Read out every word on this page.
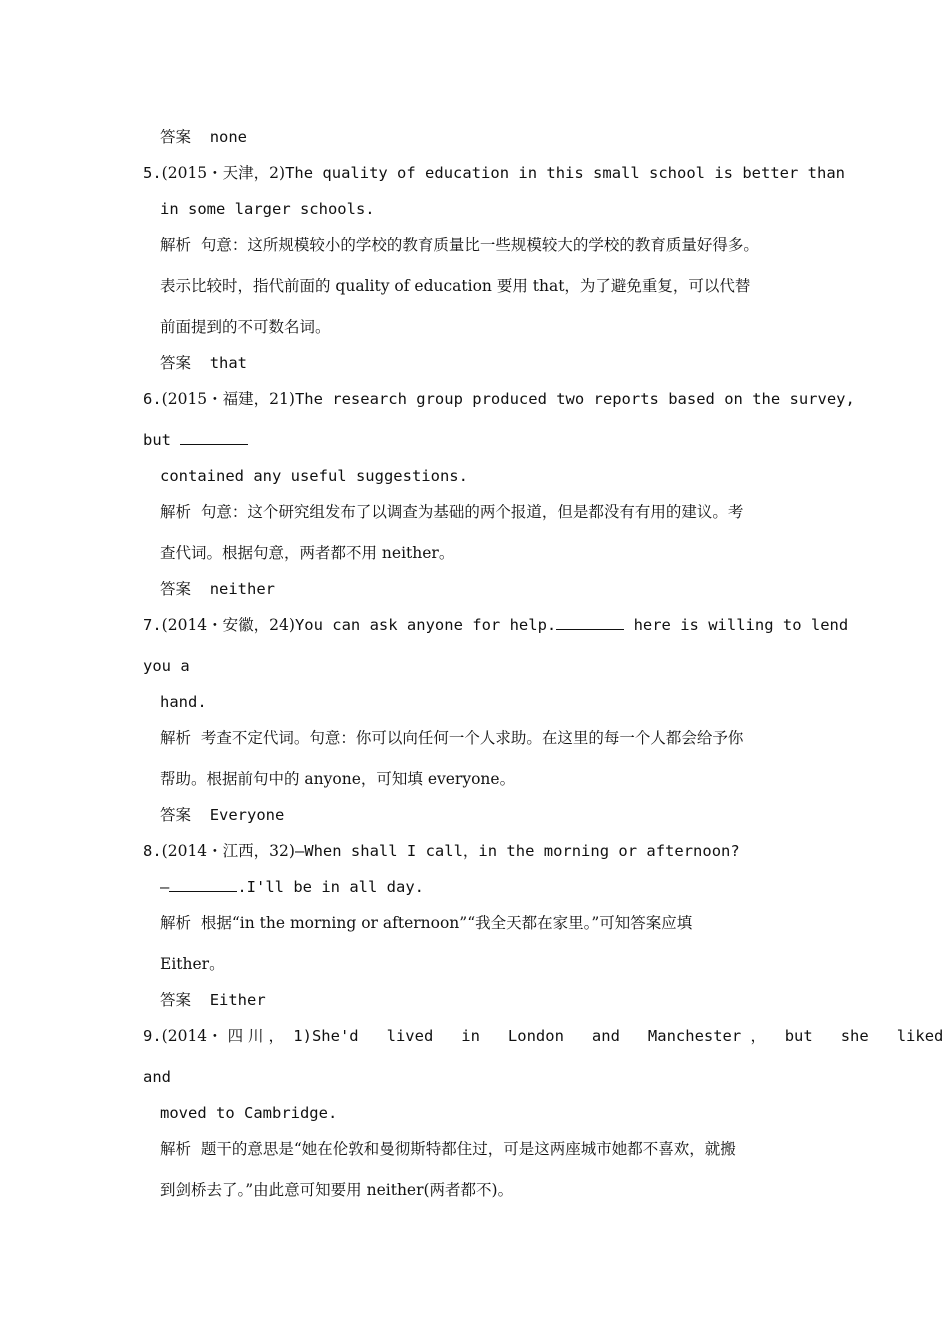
答案 none
5.(2015・天津，2)The quality of education in this small school is better than
in some larger schools.
解析 句意：这所规模较小的学校的教育质量比一些规模较大的学校的教育质量好得多。
表示比较时，指代前面的 quality of education 要用 that，为了避免重复，可以代替
前面提到的不可数名词。
答案 that
6.(2015・福建，21)The research group produced two reports based on the survey,
but
contained any useful suggestions.
解析 句意：这个研究组发布了以调查为基础的两个报道，但是都没有有用的建议。考
查代词。根据句意，两者都不用 neither。
答案 neither
7.(2014・安徽，24)You can ask anyone for help.	here is willing to lend
you a
hand.
解析 考查不定代词。句意：你可以向任何一个人求助。在这里的每一个人都会给予你
帮助。根据前句中的 anyone，可知填 everyone。
答案 Everyone
8.(2014・江西，32)—When shall I call，in the morning or afternoon?
—	.I'll be in all day.
解析 根据“in the morning or afternoon”“我全天都在家里。”可知答案应填
Either。
答案 Either
9.(2014・ 四 川 ， 1)She'd   lived   in   London   and   Manchester ，  but   she   liked
and
moved to Cambridge.
解析 题干的意思是“她在伦敦和曼彻斯特都住过，可是这两座城市她都不喜欢，就搬
到剑桥去了。”由此意可知要用 neither(两者都不)。
